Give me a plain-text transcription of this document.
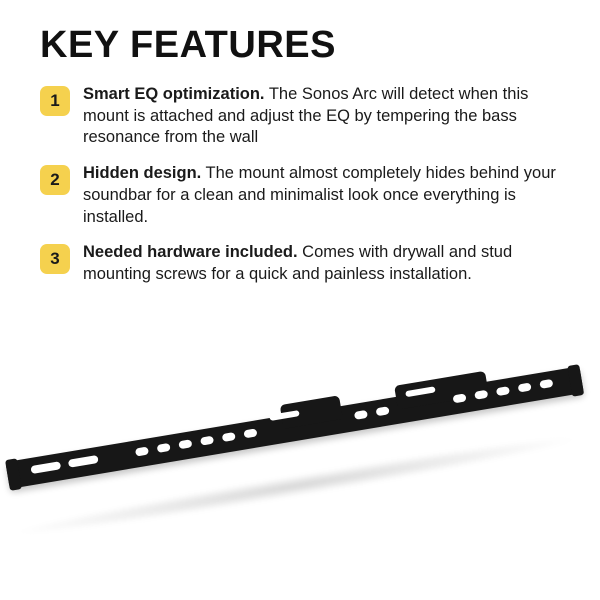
KEY FEATURES
1	Smart EQ optimization. The Sonos Arc will detect when this mount is attached and adjust the EQ by tempering the bass resonance from the wall
2	Hidden design. The mount almost completely hides behind your soundbar for a clean and minimalist look once everything is installed.
3	Needed hardware included. Comes with drywall and stud mounting screws for a quick and painless installation.
